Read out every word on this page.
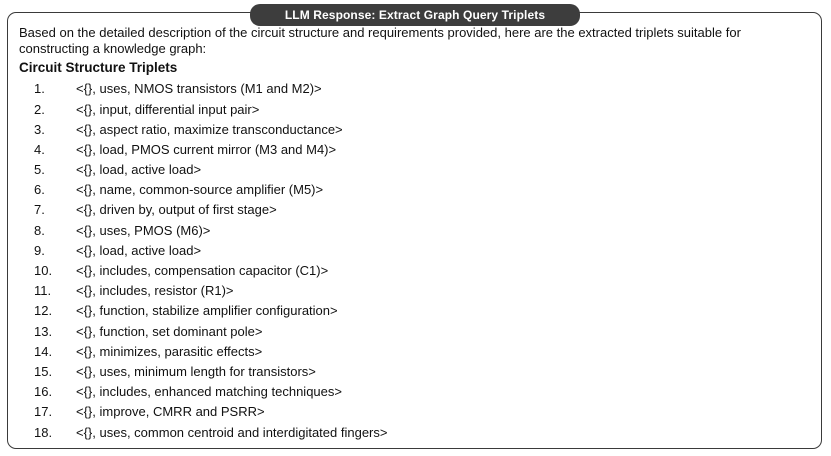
LLM Response: Extract Graph Query Triplets

Based on the detailed description of the circuit structure and requirements provided, here are the extracted triplets suitable for constructing a knowledge graph:

Circuit Structure Triplets
1.	<{}, uses, NMOS transistors (M1 and M2)>
2.	<{}, input, differential input pair>
3.	<{}, aspect ratio, maximize transconductance>
4.	<{}, load, PMOS current mirror (M3 and M4)>
5.	<{}, load, active load>
6.	<{}, name, common-source amplifier (M5)>
7.	<{}, driven by, output of first stage>
8.	<{}, uses, PMOS (M6)>
9.	<{}, load, active load>
10.	<{}, includes, compensation capacitor (C1)>
11.	<{}, includes, resistor (R1)>
12.	<{}, function, stabilize amplifier configuration>
13.	<{}, function, set dominant pole>
14.	<{}, minimizes, parasitic effects>
15.	<{}, uses, minimum length for transistors>
16.	<{}, includes, enhanced matching techniques>
17.	<{}, improve, CMRR and PSRR>
18.	<{}, uses, common centroid and interdigitated fingers>
